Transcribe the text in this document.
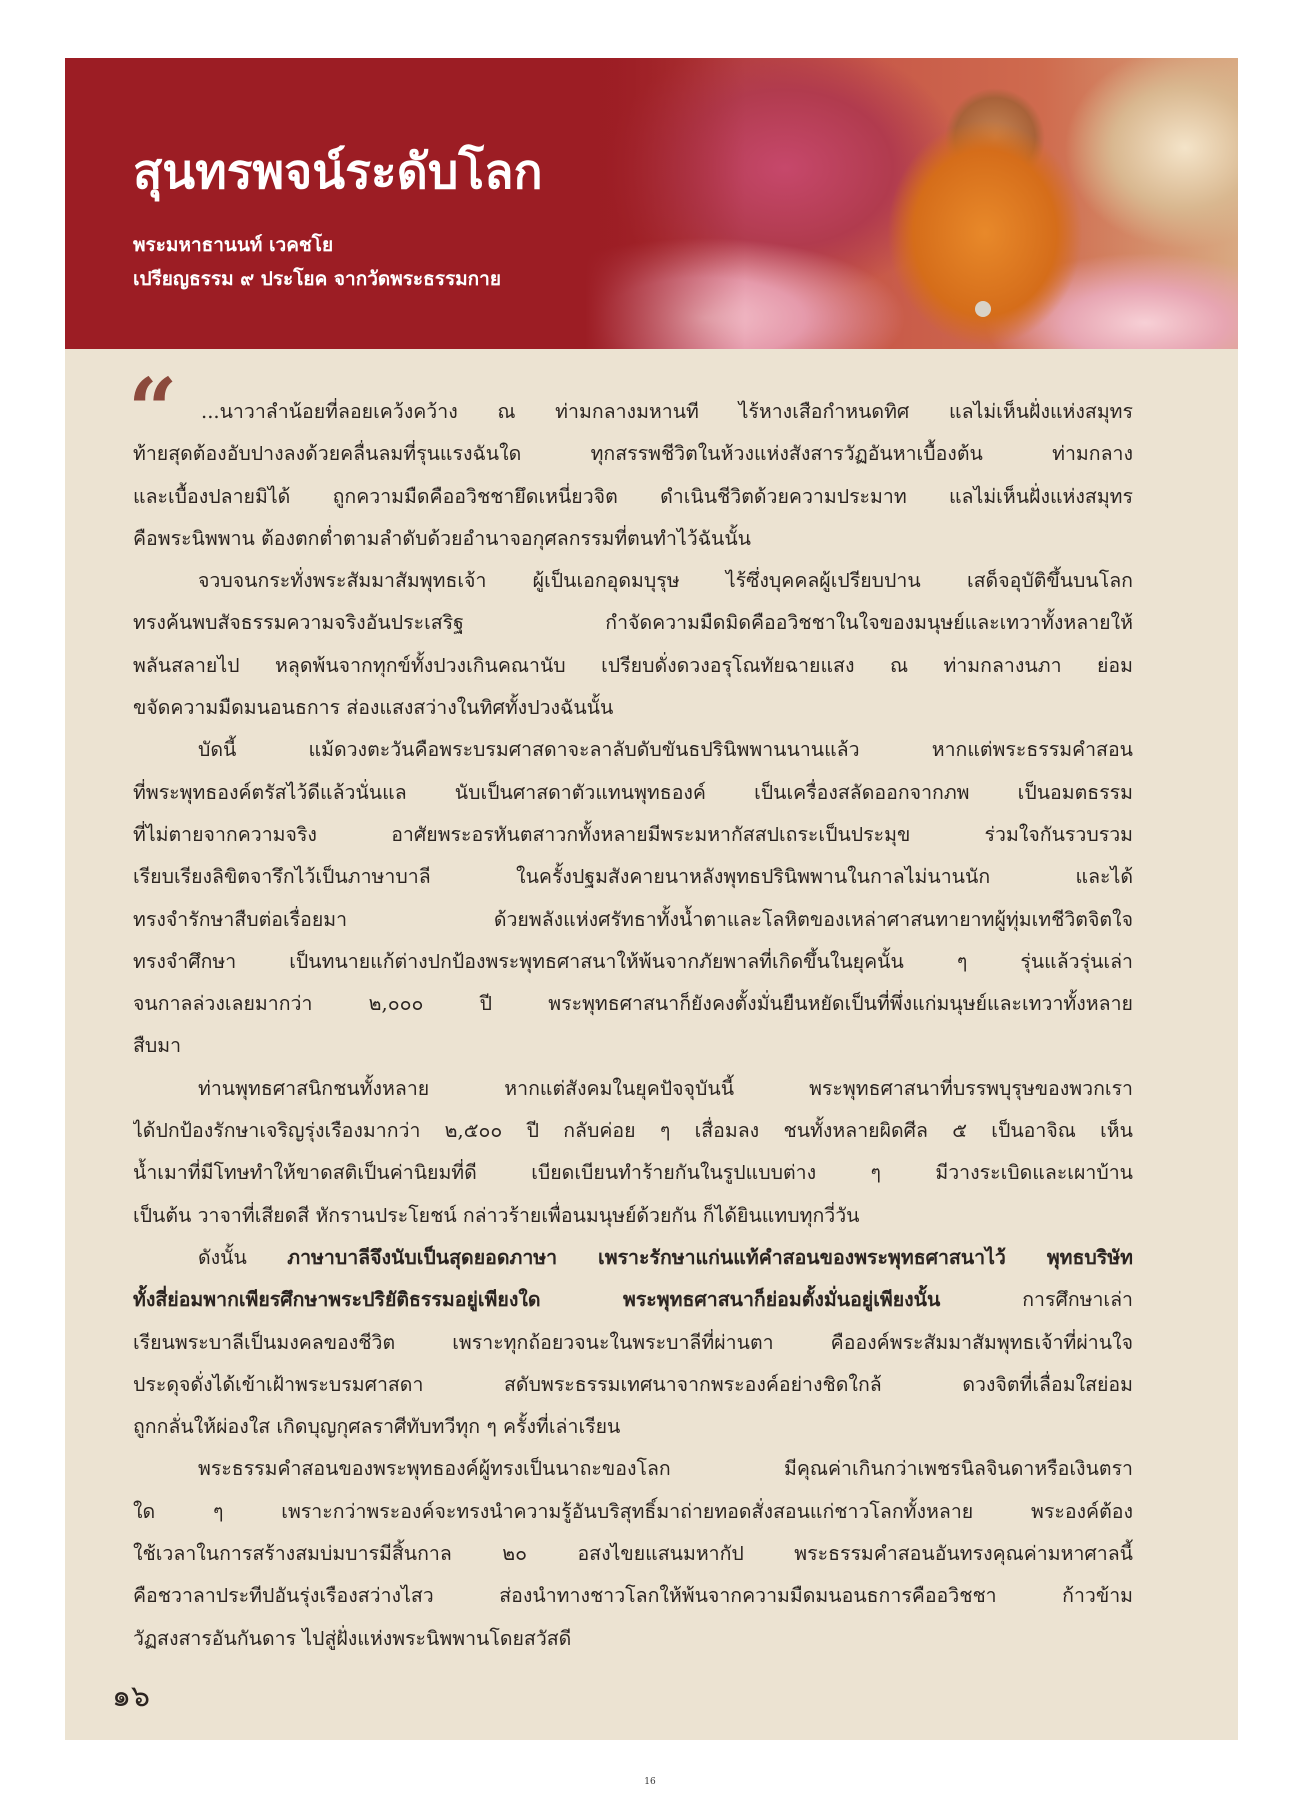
สุนทรพจน์ระดับโลก
พระมหาธานนท์ เวคชโย
เปรียญธรรม ๙ ประโยค จากวัดพระธรรมกาย
“	...นาวาลำน้อยที่ลอยเคว้งคว้าง ณ ท่ามกลางมหานที ไร้หางเสือกำหนดทิศ แลไม่เห็นฝั่งแห่งสมุทร
ท้ายสุดต้องอับปางลงด้วยคลื่นลมที่รุนแรงฉันใด ทุกสรรพชีวิตในห้วงแห่งสังสารวัฏอันหาเบื้องต้น ท่ามกลาง
และเบื้องปลายมิได้ ถูกความมืดคืออวิชชายึดเหนี่ยวจิต ดำเนินชีวิตด้วยความประมาท แลไม่เห็นฝั่งแห่งสมุทร
คือพระนิพพาน ต้องตกต่ำตามลำดับด้วยอำนาจอกุศลกรรมที่ตนทำไว้ฉันนั้น
จวบจนกระทั่งพระสัมมาสัมพุทธเจ้า ผู้เป็นเอกอุดมบุรุษ ไร้ซึ่งบุคคลผู้เปรียบปาน เสด็จอุบัติขึ้นบนโลก
ทรงค้นพบสัจธรรมความจริงอันประเสริฐ กำจัดความมืดมิดคืออวิชชาในใจของมนุษย์และเทวาทั้งหลายให้
พลันสลายไป หลุดพ้นจากทุกข์ทั้งปวงเกินคณานับ เปรียบดั่งดวงอรุโณทัยฉายแสง ณ ท่ามกลางนภา ย่อม
ขจัดความมืดมนอนธการ ส่องแสงสว่างในทิศทั้งปวงฉันนั้น
บัดนี้ แม้ดวงตะวันคือพระบรมศาสดาจะลาลับดับขันธปรินิพพานนานแล้ว หากแต่พระธรรมคำสอน
ที่พระพุทธองค์ตรัสไว้ดีแล้วนั่นแล นับเป็นศาสดาตัวแทนพุทธองค์ เป็นเครื่องสลัดออกจากภพ เป็นอมตธรรม
ที่ไม่ตายจากความจริง อาศัยพระอรหันตสาวกทั้งหลายมีพระมหากัสสปเถระเป็นประมุข ร่วมใจกันรวบรวม
เรียบเรียงลิขิตจารึกไว้เป็นภาษาบาลี ในครั้งปฐมสังคายนาหลังพุทธปรินิพพานในกาลไม่นานนัก และได้
ทรงจำรักษาสืบต่อเรื่อยมา ด้วยพลังแห่งศรัทธาทั้งน้ำตาและโลหิตของเหล่าศาสนทายาทผู้ทุ่มเทชีวิตจิตใจ
ทรงจำศึกษา เป็นทนายแก้ต่างปกป้องพระพุทธศาสนาให้พ้นจากภัยพาลที่เกิดขึ้นในยุคนั้น ๆ รุ่นแล้วรุ่นเล่า
จนกาลล่วงเลยมากว่า ๒,๐๐๐ ปี พระพุทธศาสนาก็ยังคงตั้งมั่นยืนหยัดเป็นที่พึ่งแก่มนุษย์และเทวาทั้งหลาย
สืบมา
ท่านพุทธศาสนิกชนทั้งหลาย หากแต่สังคมในยุคปัจจุบันนี้ พระพุทธศาสนาที่บรรพบุรุษของพวกเรา
ได้ปกป้องรักษาเจริญรุ่งเรืองมากว่า ๒,๕๐๐ ปี กลับค่อย ๆ เสื่อมลง ชนทั้งหลายผิดศีล ๕ เป็นอาจิณ เห็น
น้ำเมาที่มีโทษทำให้ขาดสติเป็นค่านิยมที่ดี เบียดเบียนทำร้ายกันในรูปแบบต่าง ๆ มีวางระเบิดและเผาบ้าน
เป็นต้น วาจาที่เสียดสี หักรานประโยชน์ กล่าวร้ายเพื่อนมนุษย์ด้วยกัน ก็ได้ยินแทบทุกวี่วัน
ดังนั้น ภาษาบาลีจึงนับเป็นสุดยอดภาษา เพราะรักษาแก่นแท้คำสอนของพระพุทธศาสนาไว้ พุทธบริษัท
ทั้งสี่ย่อมพากเพียรศึกษาพระปริยัติธรรมอยู่เพียงใด พระพุทธศาสนาก็ย่อมตั้งมั่นอยู่เพียงนั้น การศึกษาเล่า
เรียนพระบาลีเป็นมงคลของชีวิต เพราะทุกถ้อยวจนะในพระบาลีที่ผ่านตา คือองค์พระสัมมาสัมพุทธเจ้าที่ผ่านใจ
ประดุจดั่งได้เข้าเฝ้าพระบรมศาสดา สดับพระธรรมเทศนาจากพระองค์อย่างชิดใกล้ ดวงจิตที่เลื่อมใสย่อม
ถูกกลั่นให้ผ่องใส เกิดบุญกุศลราศีทับทวีทุก ๆ ครั้งที่เล่าเรียน
พระธรรมคำสอนของพระพุทธองค์ผู้ทรงเป็นนาถะของโลก มีคุณค่าเกินกว่าเพชรนิลจินดาหรือเงินตรา
ใด ๆ เพราะกว่าพระองค์จะทรงนำความรู้อันบริสุทธิ์มาถ่ายทอดสั่งสอนแก่ชาวโลกทั้งหลาย พระองค์ต้อง
ใช้เวลาในการสร้างสมบ่มบารมีสิ้นกาล ๒๐ อสงไขยแสนมหากัป พระธรรมคำสอนอันทรงคุณค่ามหาศาลนี้
คือชวาลาประทีปอันรุ่งเรืองสว่างไสว ส่องนำทางชาวโลกให้พ้นจากความมืดมนอนธการคืออวิชชา ก้าวข้าม
วัฏสงสารอันกันดาร ไปสู่ฝั่งแห่งพระนิพพานโดยสวัสดี
๑๖
16
